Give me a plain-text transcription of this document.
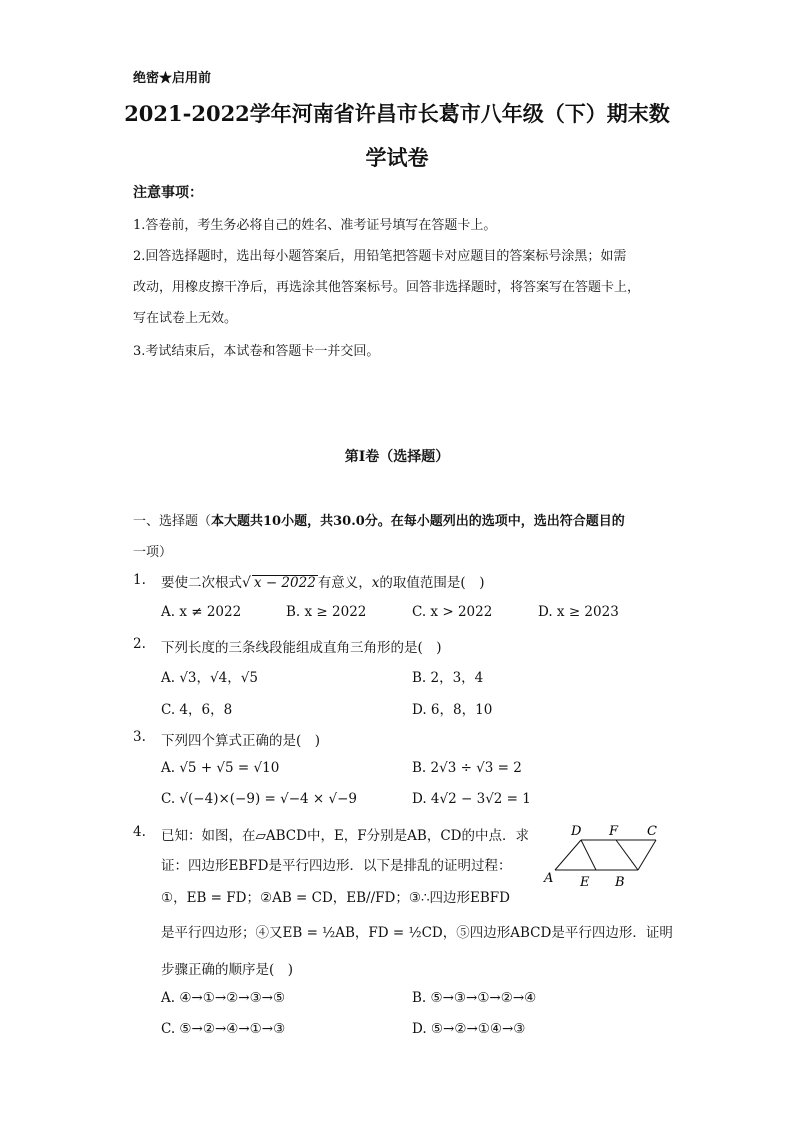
绝密★启用前
2021-2022学年河南省许昌市长葛市八年级（下）期末数
学试卷
注意事项：
1.答卷前，考生务必将自己的姓名、准考证号填写在答题卡上。
2.回答选择题时，选出每小题答案后，用铅笔把答题卡对应题目的答案标号涂黑；如需
改动，用橡皮擦干净后，再选涂其他答案标号。回答非选择题时，将答案写在答题卡上，
写在试卷上无效。
3.考试结束后，本试卷和答题卡一并交回。
第I卷（选择题）
一、选择题（本大题共10小题，共30.0分。在每小题列出的选项中，选出符合题目的
一项）
1. 要使二次根式√ x − 2022 有意义，x的取值范围是(　)
A. x ≠ 2022	B. x ≥ 2022	C. x > 2022	D. x ≥ 2023
2. 下列长度的三条线段能组成直角三角形的是(　)
A. √3，√4，√5	B. 2，3，4
C. 4，6，8	D. 6，8，10
3. 下列四个算式正确的是(　)
A. √5 + √5 = √10	B. 2√3 ÷ √3 = 2
C. √(−4)×(−9) = √−4 × √−9	D. 4√2 − 3√2 = 1
4. 已知：如图，在▱ABCD中，E，F分别是AB，CD的中点．求
证：四边形EBFD是平行四边形．以下是排乱的证明过程：
①，EB = FD；②AB = CD，EB//FD；③∴四边形EBFD
是平行四边形；④又EB = ½AB，FD = ½CD，⑤四边形ABCD是平行四边形．证明
步骤正确的顺序是(　)
D F C
A E B
A. ④→①→②→③→⑤	B. ⑤→③→①→②→④
C. ⑤→②→④→①→③	D. ⑤→②→①④→③
